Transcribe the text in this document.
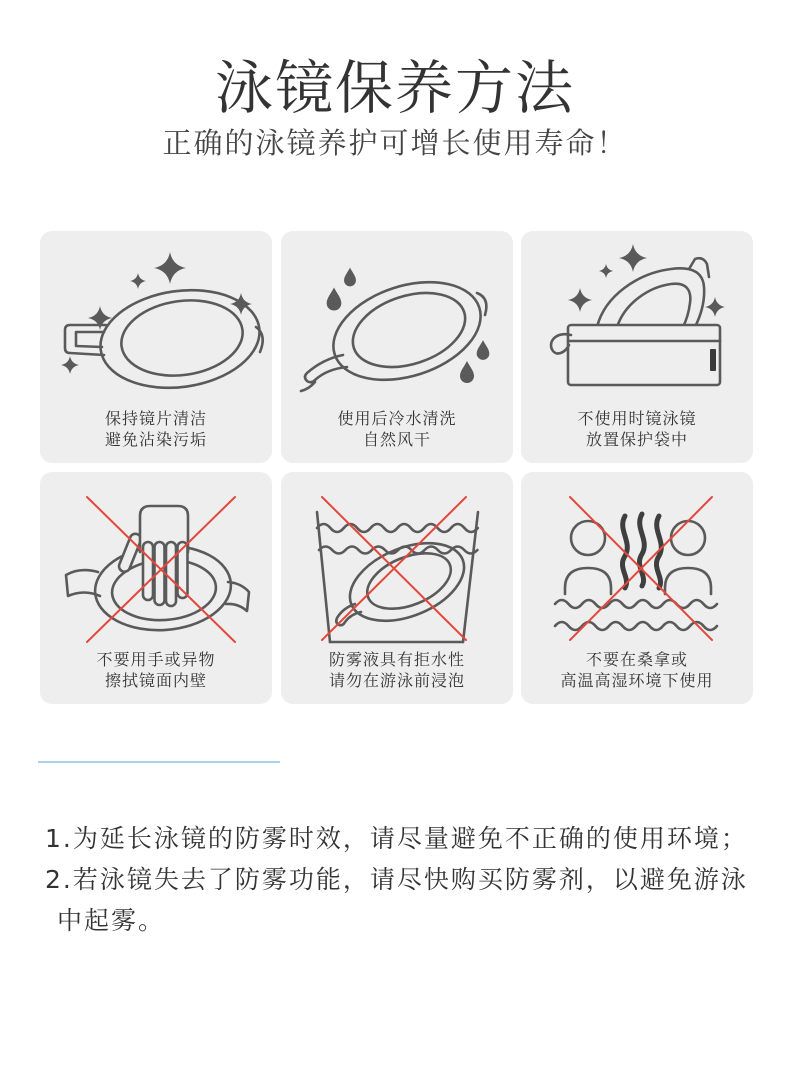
泳镜保养方法
正确的泳镜养护可增长使用寿命！
保持镜片清洁
避免沾染污垢
使用后冷水清洗
自然风干
不使用时镜泳镜
放置保护袋中
不要用手或异物
擦拭镜面内壁
防雾液具有拒水性
请勿在游泳前浸泡
不要在桑拿或
高温高湿环境下使用
1.为延长泳镜的防雾时效，请尽量避免不正确的使用环境；
2.若泳镜失去了防雾功能，请尽快购买防雾剂，以避免游泳
中起雾。
